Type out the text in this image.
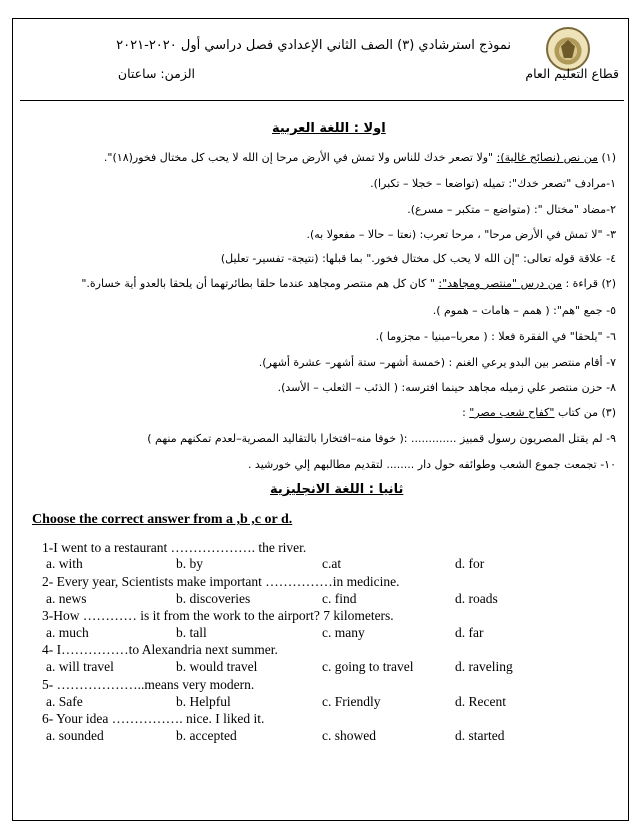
نموذج استرشادي (٣) الصف الثاني الإعدادي فصل دراسي أول ٢٠٢٠-٢٠٢١
قطاع التعليم العام
الزمن: ساعتان
اولا : اللغة العربية
(١) من نص (نصائح غالية): "ولا تصعر خدك للناس ولا تمش في الأرض مرحا إن الله لا يحب كل مختال فخور(١٨)".
١-مرادف "تصعر خدك": تميله (تواضعا – خجلا – تكبرا).
٢-مضاد "مختال ": (متواضع – متكبر – مسرع).
٣- "لا تمش في الأرض مرحا" ، مرحا تعرب: (نعتا – حالا – مفعولا به).
٤- علاقة قوله تعالى: "إن الله لا يحب كل مختال فخور." بما قبلها: (نتيجة- تفسير- تعليل)
(٢) قراءة : من درس "منتصر ومجاهد": " كان كل هم منتصر ومجاهد عندما حلقا بطائرتهما أن يلحقا بالعدو أية خسارة."
٥- جمع "هم": ( همم – هامات – هموم ).
٦- "يلحقا" في الفقرة فعلا : ( معربا–مبنيا - مجزوما ).
٧- أقام منتصر بين البدو يرعي الغنم : (خمسة أشهر– ستة أشهر– عشرة أشهر).
٨- حزن منتصر علي زميله مجاهد حينما افترسه: ( الذئب – الثعلب – الأسد).
(٣) من كتاب "كفاح شعب مصر" :
٩- لم يقتل المصريون رسول قمبيز ............. :( خوفا منه–افتخارا بالتقاليد المصرية–لعدم تمكنهم منهم )
١٠- تجمعت جموع الشعب وطوائفه حول دار ........ لتقديم مطالبهم إلي خورشيد .
ثانيا : اللغة الانجليزية
Choose the correct answer from a ,b ,c or d.
1-I went to a restaurant ………………. the river.
a. with	b. by	c.at	d. for
2- Every year, Scientists make important ……………in medicine.
a. news	b. discoveries	c. find	d. roads
3-How ………… is it from the work to the airport? 7 kilometers.
a. much	b. tall	c. many	d. far
4- I……………to Alexandria next summer.
a. will travel	b. would travel	c. going to travel	d. raveling
5- ………………..means very modern.
a. Safe	b. Helpful	c. Friendly	d. Recent
6- Your idea ……………. nice. I liked it.
a. sounded	b. accepted	c. showed	d. started
